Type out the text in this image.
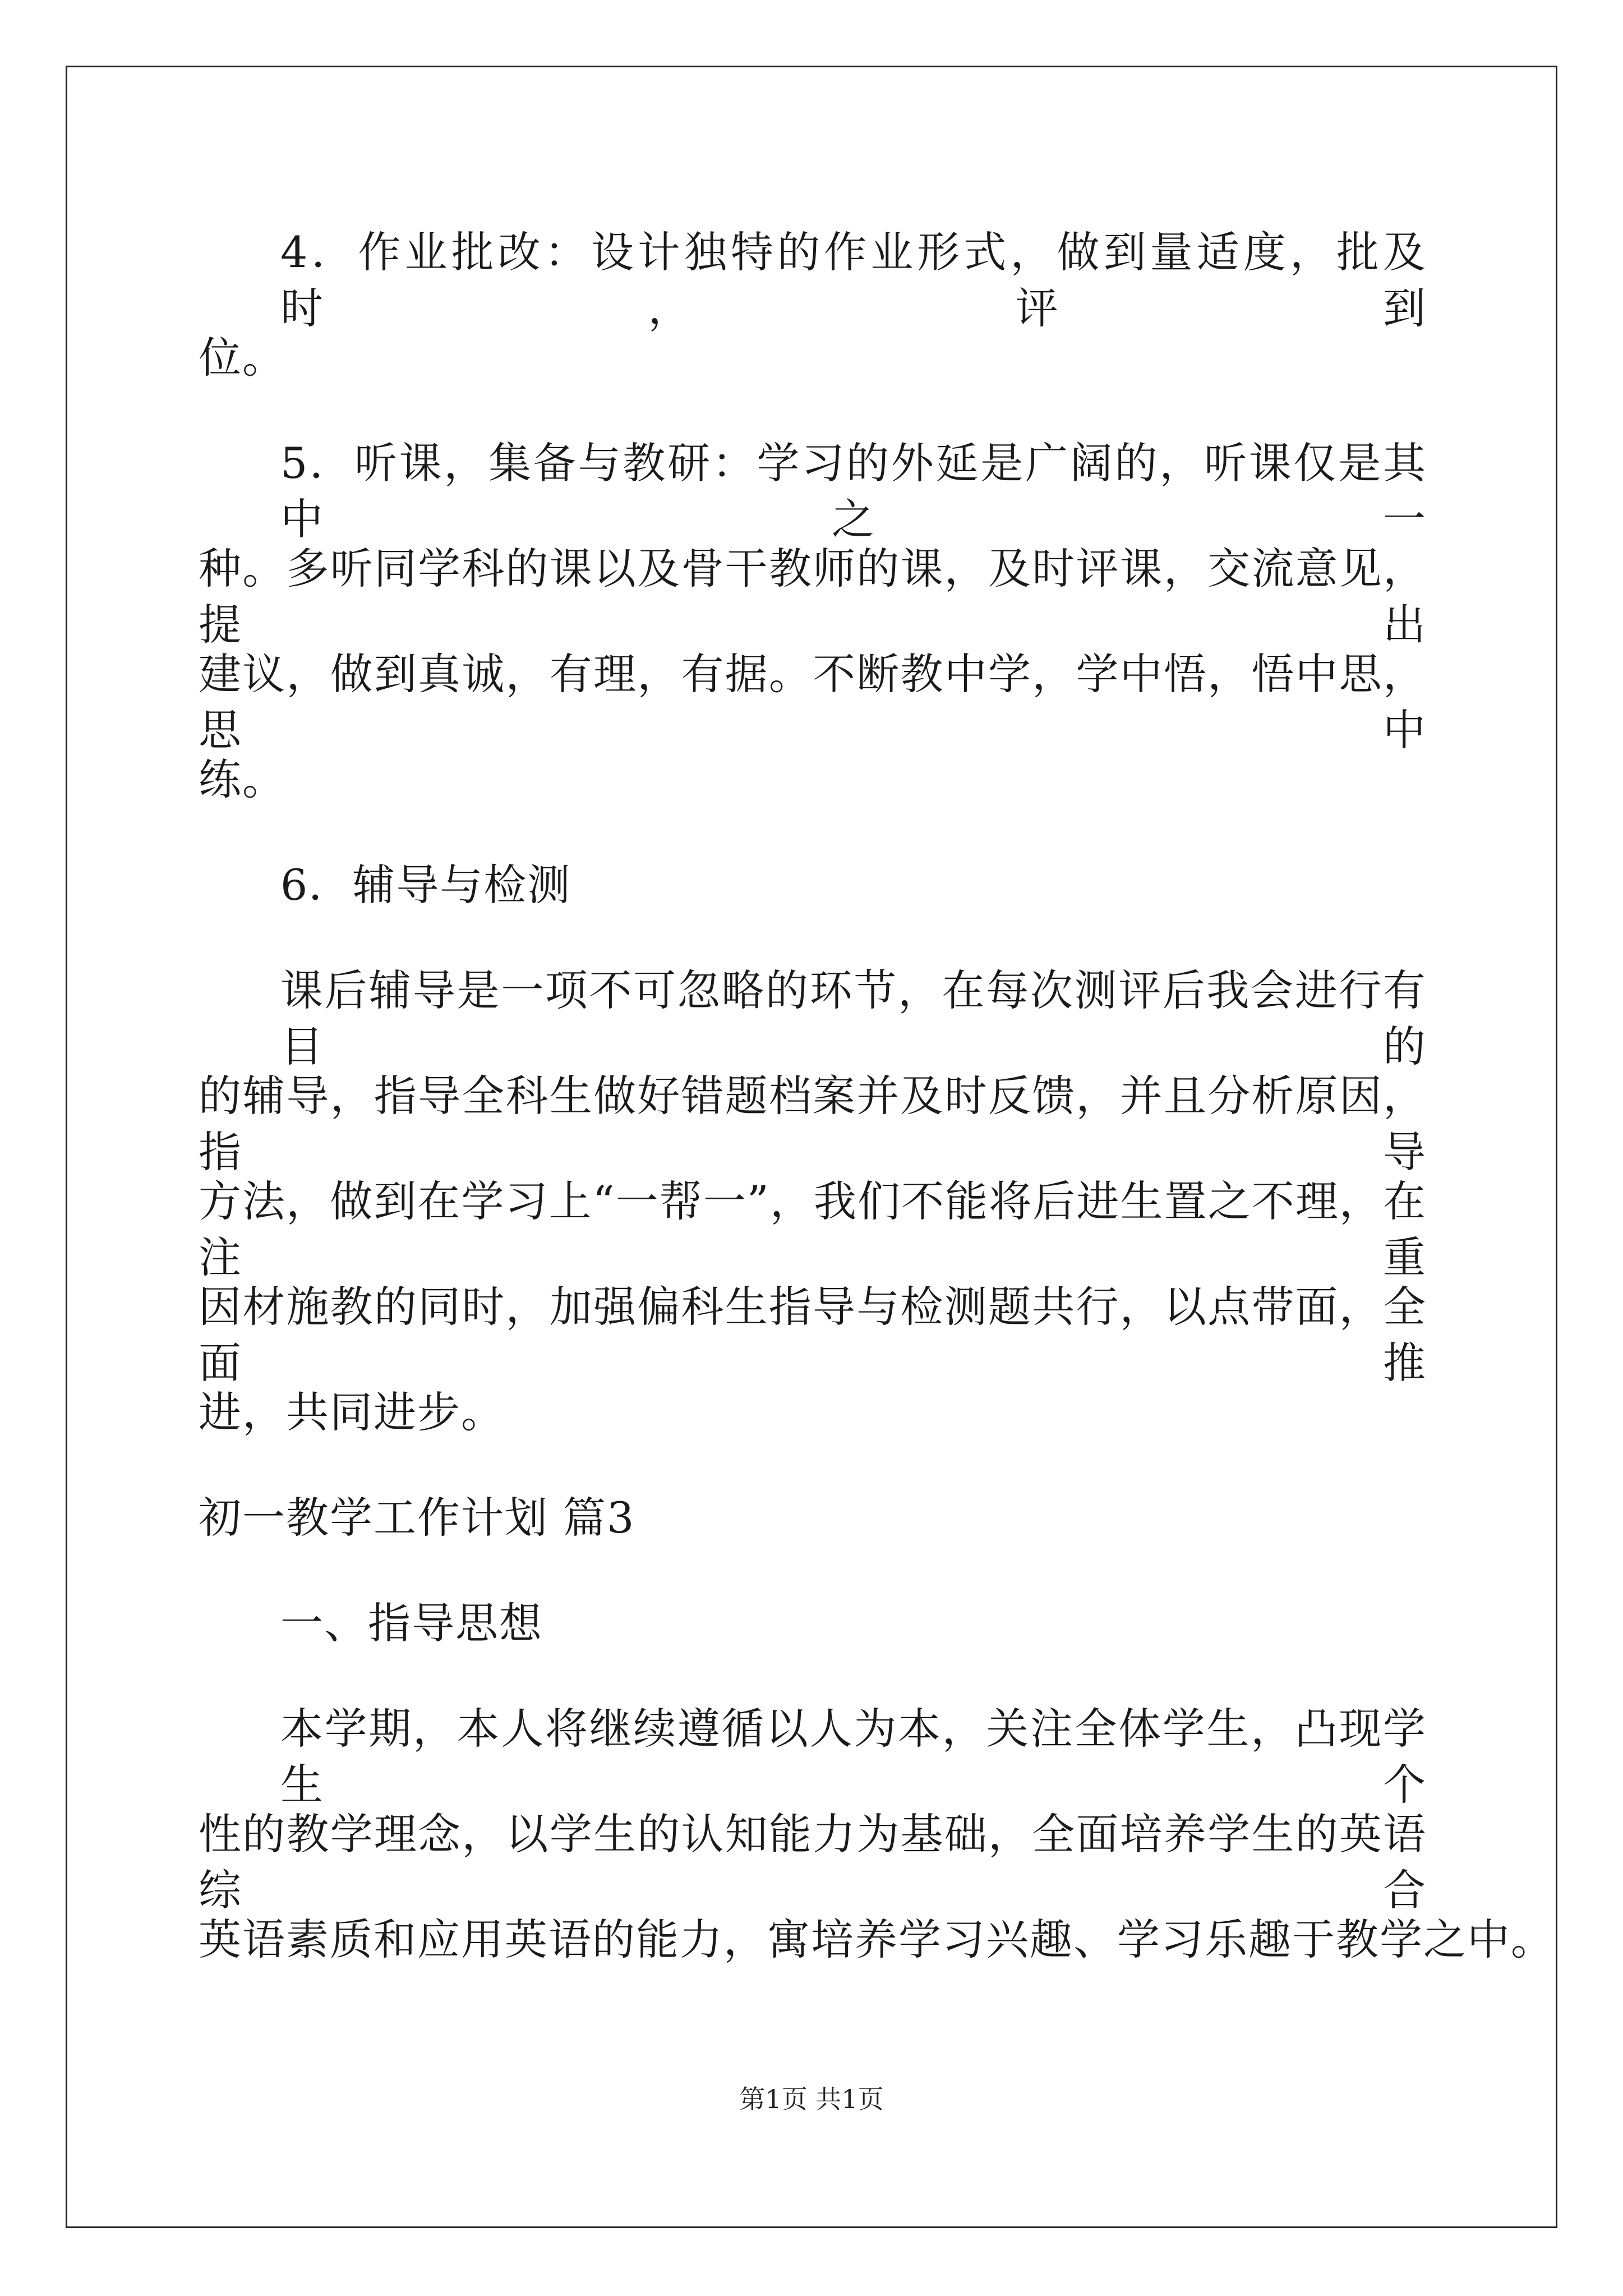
4．作业批改：设计独特的作业形式，做到量适度，批及时，评到
位。
5．听课，集备与教研：学习的外延是广阔的，听课仅是其中之一
种。多听同学科的课以及骨干教师的课，及时评课，交流意见，提出
建议，做到真诚，有理，有据。不断教中学，学中悟，悟中思，思中
练。
6．辅导与检测
课后辅导是一项不可忽略的环节，在每次测评后我会进行有目的
的辅导，指导全科生做好错题档案并及时反馈，并且分析原因，指导
方法，做到在学习上“一帮一”，我们不能将后进生置之不理，在注重
因材施教的同时，加强偏科生指导与检测题共行，以点带面，全面推
进，共同进步。
初一教学工作计划 篇3
一、指导思想
本学期，本人将继续遵循以人为本，关注全体学生，凸现学生个
性的教学理念，以学生的认知能力为基础，全面培养学生的英语综合
英语素质和应用英语的能力，寓培养学习兴趣、学习乐趣于教学之中。
第1页 共1页
